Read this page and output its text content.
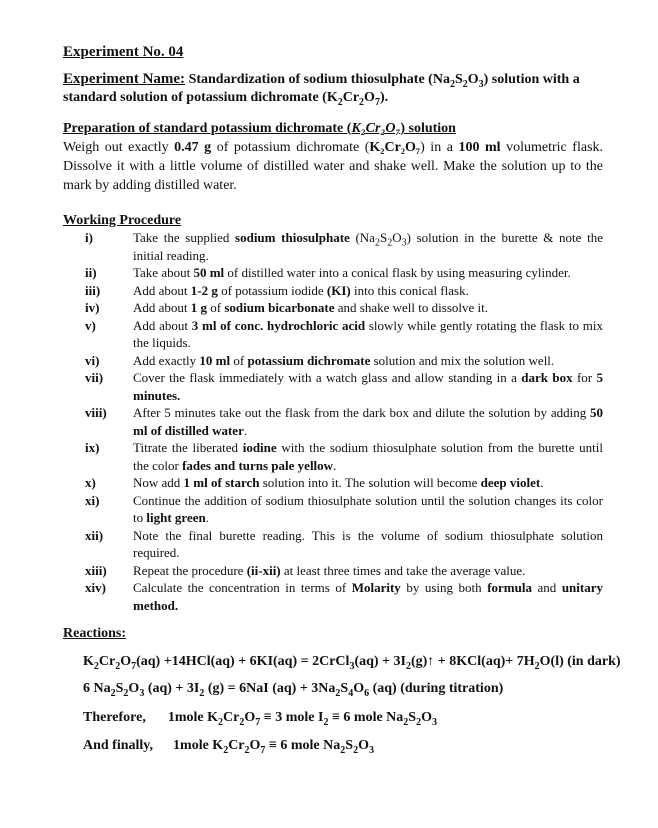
Experiment No. 04
Experiment Name: Standardization of sodium thiosulphate $(Na_2S_2O_3)$ solution with a standard solution of potassium dichromate $(K_2Cr_2O_7)$.
Preparation of standard potassium dichromate (K₂Cr₂O₇) solution
Weigh out exactly 0.47 g of potassium dichromate (K₂Cr₂O₇) in a 100 ml volumetric flask. Dissolve it with a little volume of distilled water and shake well. Make the solution up to the mark by adding distilled water.
Working Procedure
i)	Take the supplied sodium thiosulphate $(Na_2S_2O_3)$ solution in the burette & note the initial reading.
ii)	Take about 50 ml of distilled water into a conical flask by using measuring cylinder.
iii)	Add about 1-2 g of potassium iodide (KI) into this conical flask.
iv)	Add about 1 g of sodium bicarbonate and shake well to dissolve it.
v)	Add about 3 ml of conc. hydrochloric acid slowly while gently rotating the flask to mix the liquids.
vi)	Add exactly 10 ml of potassium dichromate solution and mix the solution well.
vii)	Cover the flask immediately with a watch glass and allow standing in a dark box for 5 minutes.
viii)	After 5 minutes take out the flask from the dark box and dilute the solution by adding 50 ml of distilled water.
ix)	Titrate the liberated iodine with the sodium thiosulphate solution from the burette until the color fades and turns pale yellow.
x)	Now add 1 ml of starch solution into it. The solution will become deep violet.
xi)	Continue the addition of sodium thiosulphate solution until the solution changes its color to light green.
xii)	Note the final burette reading. This is the volume of sodium thiosulphate solution required.
xiii)	Repeat the procedure (ii-xii) at least three times and take the average value.
xiv)	Calculate the concentration in terms of Molarity by using both formula and unitary method.
Reactions:
$K_2Cr_2O_7(aq) +14HCl(aq) + 6KI(aq)$ = 2CrCl$_3$(aq) + $3I_2(g)↑ + 8KCl(aq)+ 7H_2O(l)$ (in dark)
6 $Na_2S_2O_3$ $(aq) + 3I_2$ (g) = 6NaI $(aq) + 3Na_2S_4O_6$ (aq) (during titration)
Therefore, 1mole $K_2Cr_2O_7 \equiv 3$ mole $I_2 \equiv 6$ mole $Na_2S_2O_3$
And finally, 1mole $K_2Cr_2O_7 \equiv 6$ mole $Na_2S_2O_3$
